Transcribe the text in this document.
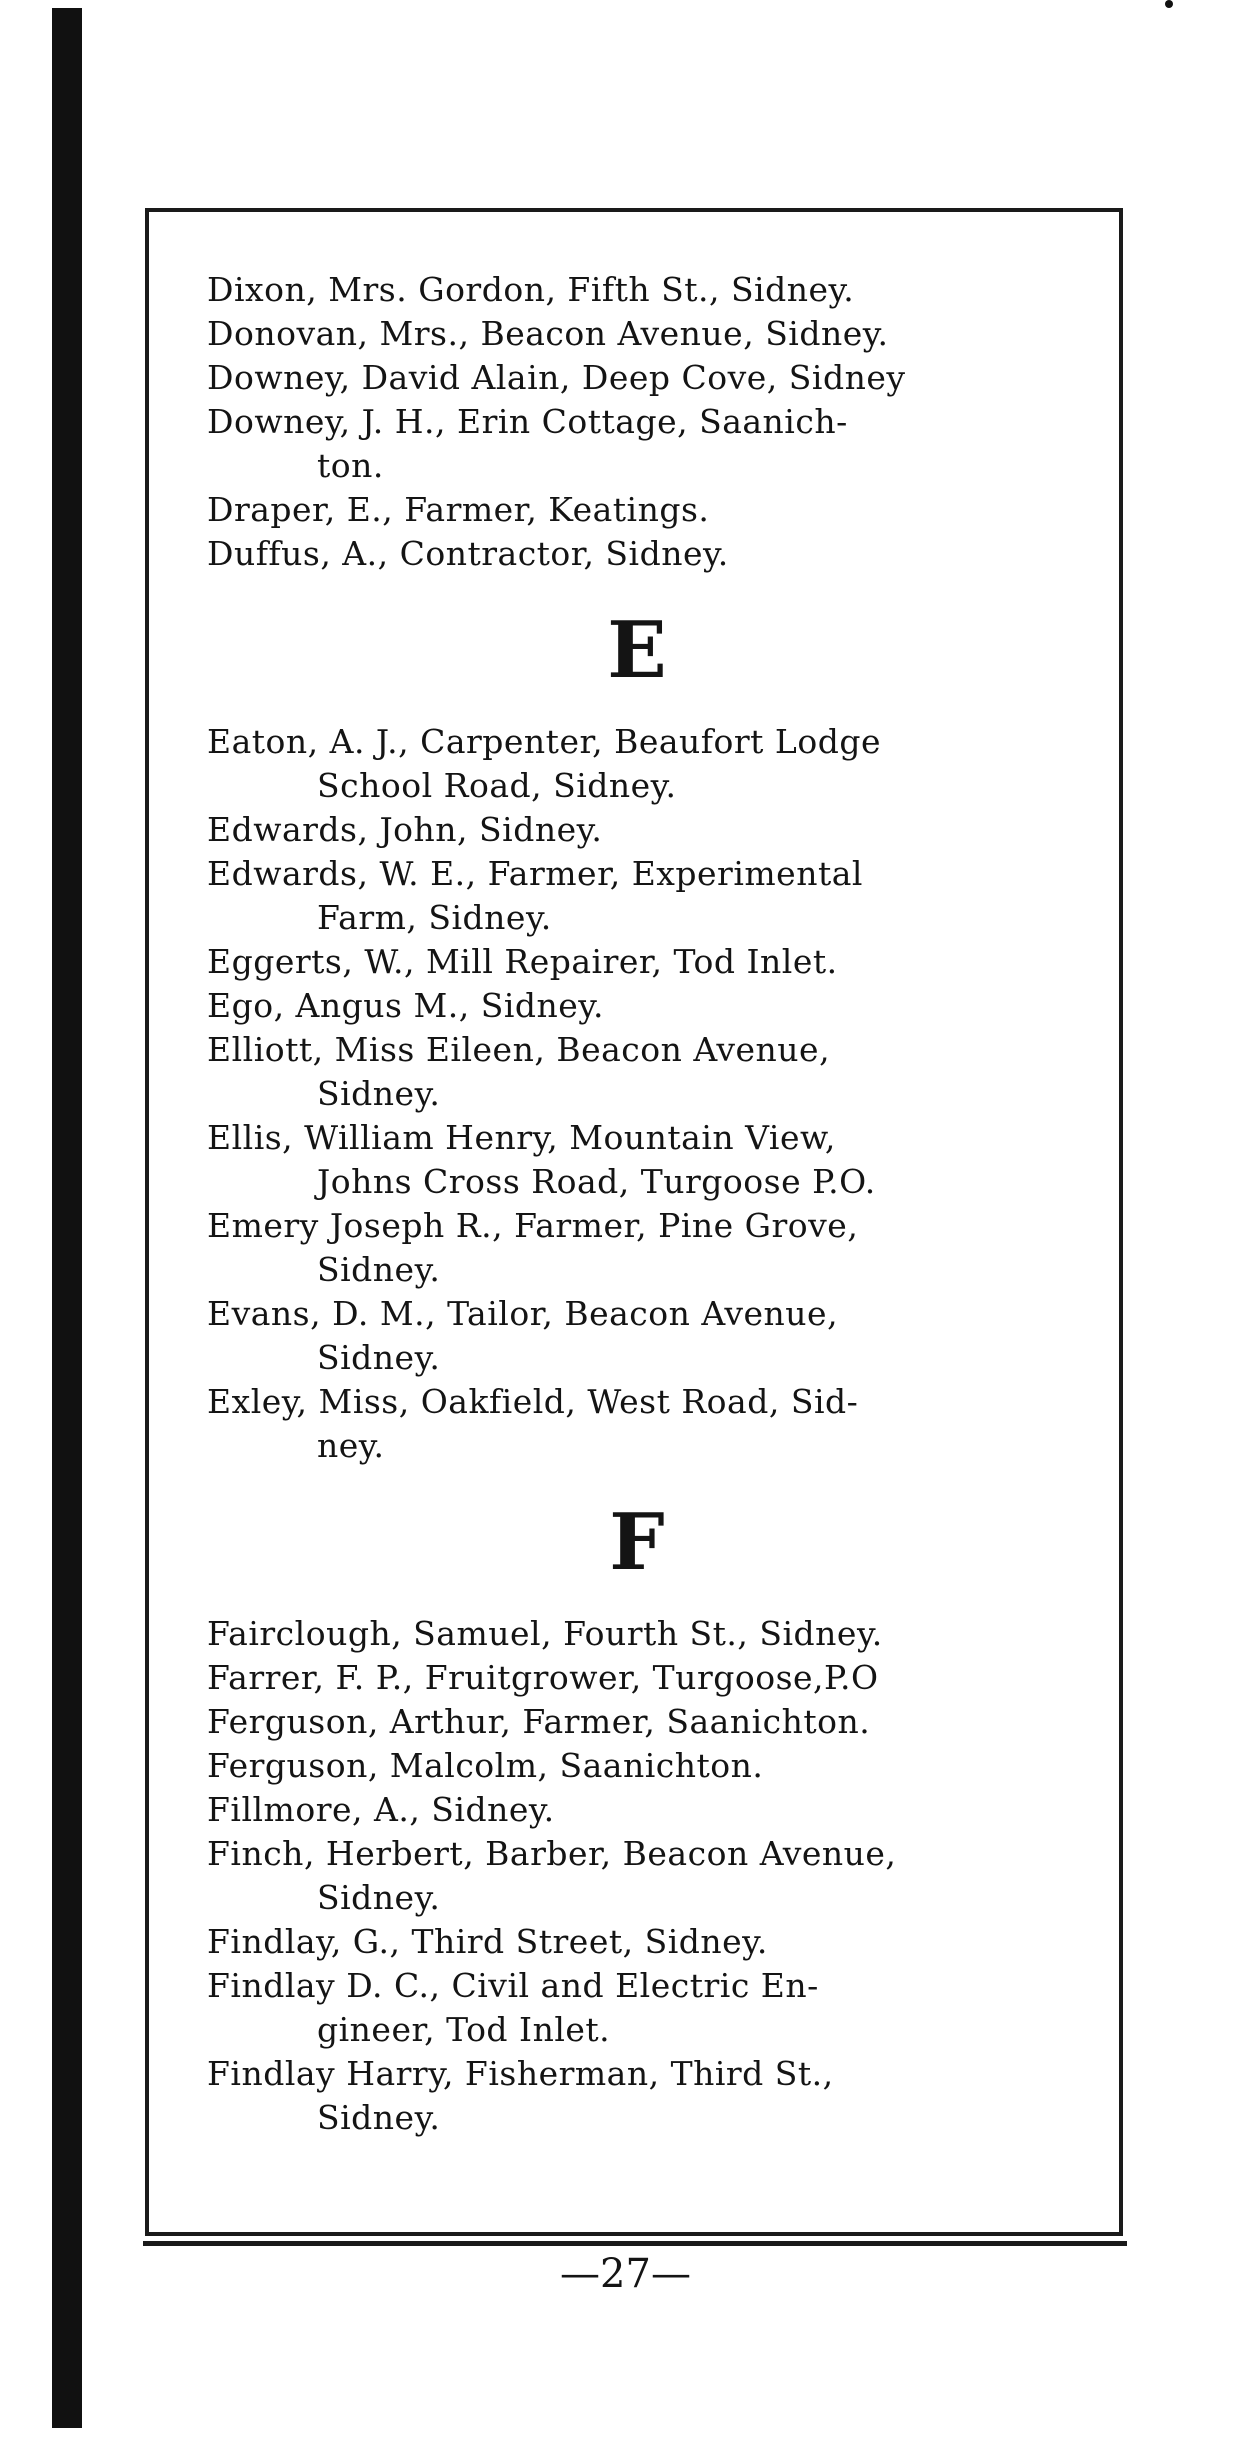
Dixon, Mrs. Gordon, Fifth St., Sidney.

Donovan, Mrs., Beacon Avenue, Sidney.

Downey, David Alain, Deep Cove, Sidney

Downey, J. H., Erin Cottage, Saanich-
ton.

Draper, E., Farmer, Keatings.

Duffus, A., Contractor, Sidney.

E

Eaton, A. J., Carpenter, Beaufort Lodge
School Road, Sidney.

Edwards, John, Sidney.

Edwards, W. E., Farmer, Experimental
Farm, Sidney.

Eggerts, W., Mill Repairer, Tod Inlet.

Ego, Angus M., Sidney.

Elliott, Miss Eileen, Beacon Avenue,
Sidney.

Ellis, William Henry, Mountain View,
Johns Cross Road, Turgoose P.O.

Emery Joseph R., Farmer, Pine Grove,
Sidney.

Evans, D. M., Tailor, Beacon Avenue,
Sidney.

Exley, Miss, Oakfield, West Road, Sid-
ney.

F

Fairclough, Samuel, Fourth St., Sidney.

Farrer, F. P., Fruitgrower, Turgoose,P.O

Ferguson, Arthur, Farmer, Saanichton.

Ferguson, Malcolm, Saanichton.

Fillmore, A., Sidney.

Finch, Herbert, Barber, Beacon Avenue,
Sidney.

Findlay, G., Third Street, Sidney.

Findlay D. C., Civil and Electric En-
gineer, Tod Inlet.

Findlay Harry, Fisherman, Third St.,
Sidney.

—27—
